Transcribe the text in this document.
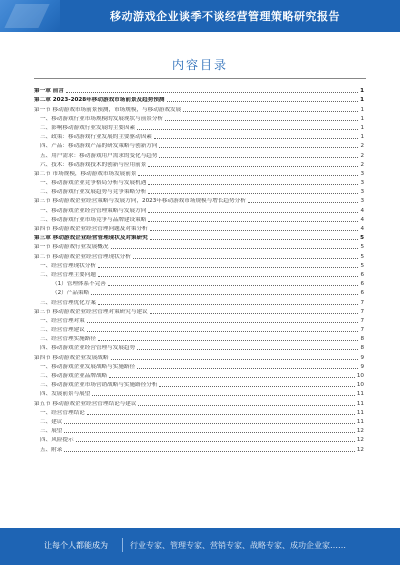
移动游戏企业谈季不谈经营管理策略研究报告
内容目录
第一章 前言	1
第二章 2023-2028年移动游戏市场前景及趋势预测	1
第一节 移动游戏市场前景预测，市场规模，与移动游戏发展	1
一、移动游戏行业市场规模的发展现状与前景分析	1
二、影响移动游戏行业发展的主要因素	1
三、政策：移动游戏行业发展的主要驱动因素	1
四、产品：移动游戏产品的研发策略与创新方向	2
五、用户需求：移动游戏用户需求的变化与趋势	2
六、技术：移动游戏技术的创新与应用前景	2
第二节 市场规模，移动游戏市场发展前景	3
一、移动游戏企业竞争格局分析与发展机遇	3
二、移动游戏行业发展趋势与竞争策略分析	3
第三节 移动游戏企业经营策略与发展方向，2023年移动游戏市场规模与增长趋势分析	3
一、移动游戏企业经营管理策略与发展方向	4
二、移动游戏行业市场竞争与品牌建设策略	4
第四节 移动游戏企业经营管理问题及对策分析	4
第三章 移动游戏企业经营管理现状及对策研究	5
第一节 移动游戏行业发展概况	5
第二节 移动游戏企业经营管理现状分析	5
一、经营管理现状分析	5
二、经营管理主要问题	6
（1）管理体系不完善	6
（2）产品策略	6
三、经营管理优化方案	7
第三节 移动游戏企业经营管理对策研究与建议	7
一、经营管理对策	7
二、经营管理建议	7
三、经营管理实施路径	8
四、移动游戏企业经营管理与发展趋势	8
第四节 移动游戏企业发展战略	9
一、移动游戏企业发展战略与实施路径	9
二、移动游戏企业品牌战略	10
三、移动游戏企业市场营销战略与实施路径分析	10
四、发展前景与展望	11
第五节 移动游戏企业经营管理结论与建议	11
一、经营管理结论	11
二、建议	11
三、展望	12
四、风险提示	12
五、附录	12
让每个人都能成为	行业专家、管理专家、营销专家、战略专家、成功企业家……
